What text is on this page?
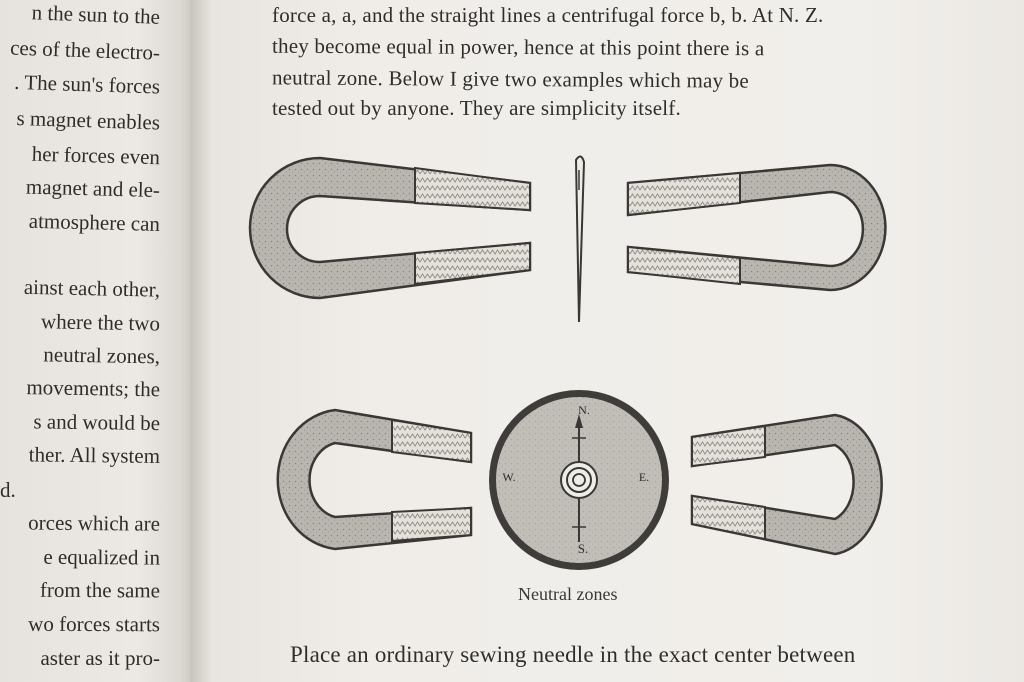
n the sun to the
ces of the electro-
. The sun's forces
s magnet enables
her forces even
magnet and ele-
atmosphere can
ainst each other,
where the two
neutral zones,
movements; the
s and would be
ther. All system
d.
orces which are
e equalized in
from the same
wo forces starts
aster as it pro-
force a, a, and the straight lines a centrifugal force b, b. At N. Z.
they become equal in power, hence at this point there is a
neutral zone. Below I give two examples which may be
tested out by anyone. They are simplicity itself.
N.
S.
W.	E.
Neutral zones
Place an ordinary sewing needle in the exact center between
